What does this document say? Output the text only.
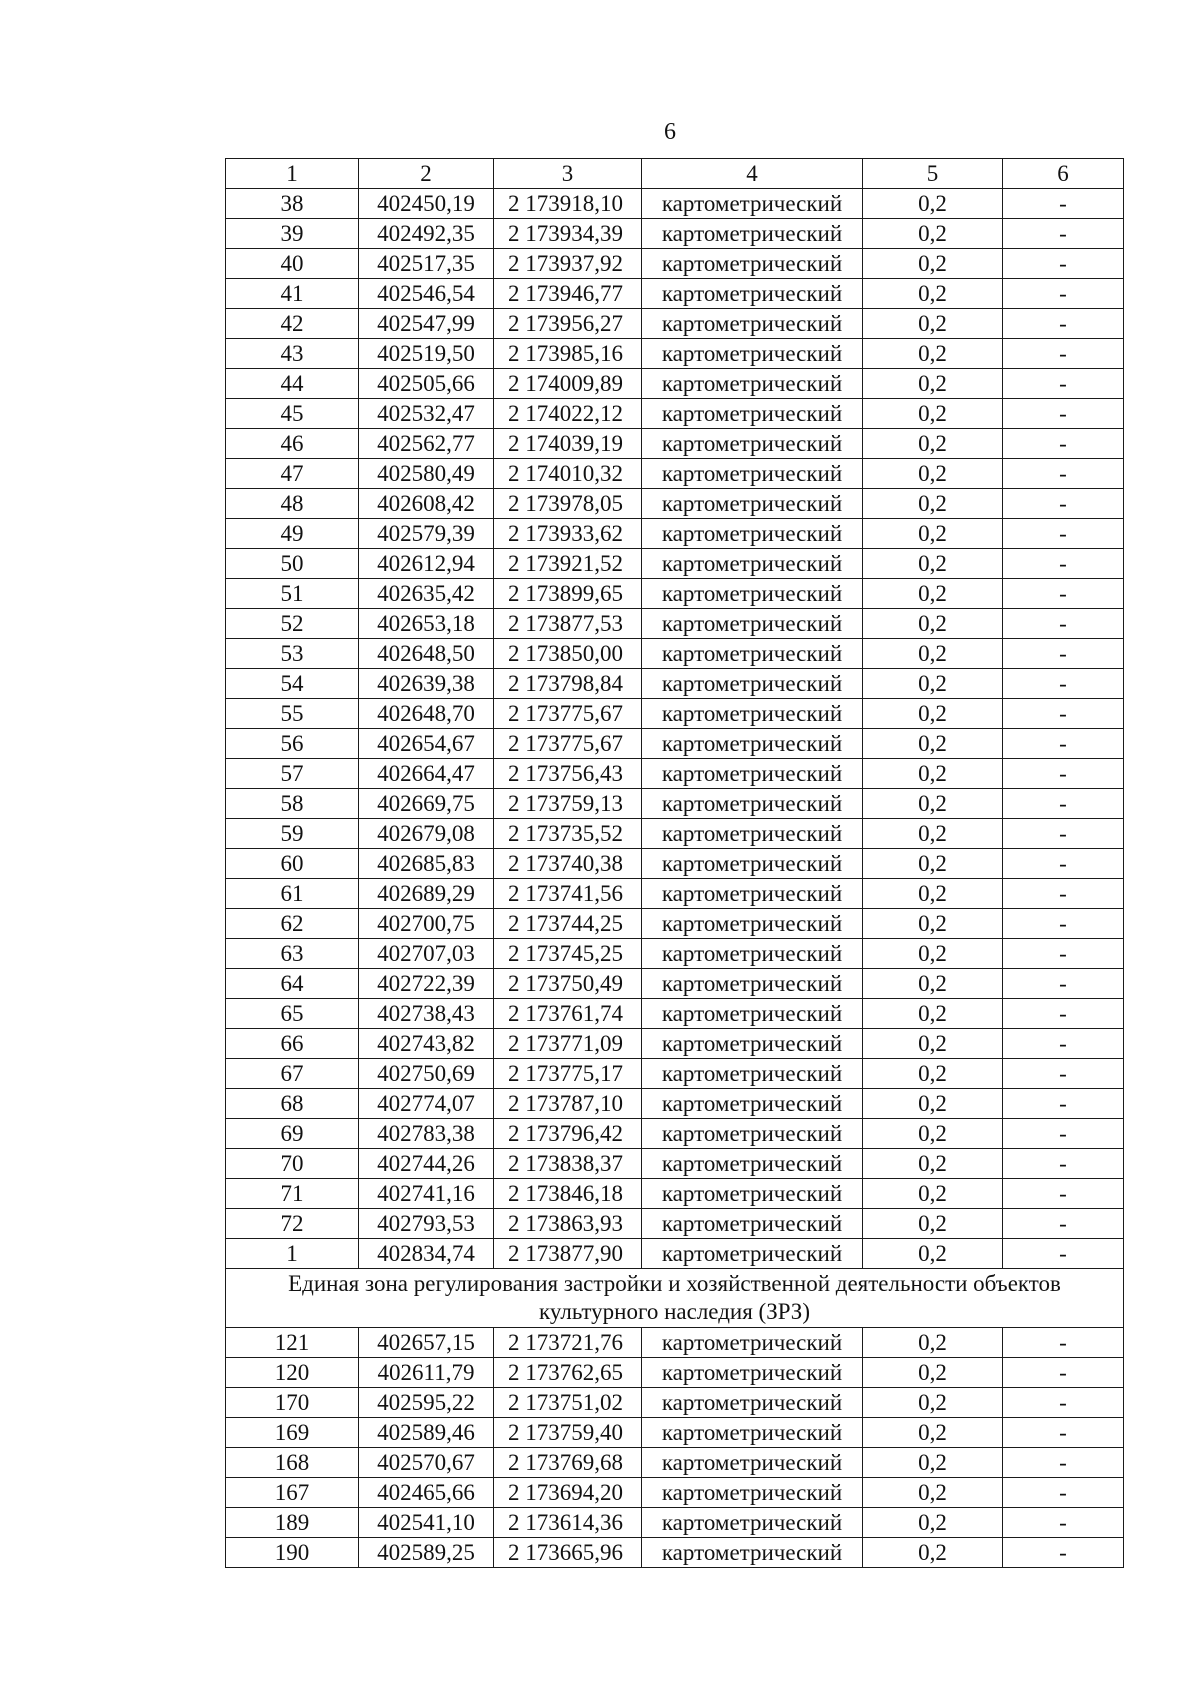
6
1	2	3	4	5	6
38	402450,19	2 173918,10	картометрический	0,2	-
39	402492,35	2 173934,39	картометрический	0,2	-
40	402517,35	2 173937,92	картометрический	0,2	-
41	402546,54	2 173946,77	картометрический	0,2	-
42	402547,99	2 173956,27	картометрический	0,2	-
43	402519,50	2 173985,16	картометрический	0,2	-
44	402505,66	2 174009,89	картометрический	0,2	-
45	402532,47	2 174022,12	картометрический	0,2	-
46	402562,77	2 174039,19	картометрический	0,2	-
47	402580,49	2 174010,32	картометрический	0,2	-
48	402608,42	2 173978,05	картометрический	0,2	-
49	402579,39	2 173933,62	картометрический	0,2	-
50	402612,94	2 173921,52	картометрический	0,2	-
51	402635,42	2 173899,65	картометрический	0,2	-
52	402653,18	2 173877,53	картометрический	0,2	-
53	402648,50	2 173850,00	картометрический	0,2	-
54	402639,38	2 173798,84	картометрический	0,2	-
55	402648,70	2 173775,67	картометрический	0,2	-
56	402654,67	2 173775,67	картометрический	0,2	-
57	402664,47	2 173756,43	картометрический	0,2	-
58	402669,75	2 173759,13	картометрический	0,2	-
59	402679,08	2 173735,52	картометрический	0,2	-
60	402685,83	2 173740,38	картометрический	0,2	-
61	402689,29	2 173741,56	картометрический	0,2	-
62	402700,75	2 173744,25	картометрический	0,2	-
63	402707,03	2 173745,25	картометрический	0,2	-
64	402722,39	2 173750,49	картометрический	0,2	-
65	402738,43	2 173761,74	картометрический	0,2	-
66	402743,82	2 173771,09	картометрический	0,2	-
67	402750,69	2 173775,17	картометрический	0,2	-
68	402774,07	2 173787,10	картометрический	0,2	-
69	402783,38	2 173796,42	картометрический	0,2	-
70	402744,26	2 173838,37	картометрический	0,2	-
71	402741,16	2 173846,18	картометрический	0,2	-
72	402793,53	2 173863,93	картометрический	0,2	-
1	402834,74	2 173877,90	картометрический	0,2	-
Единая зона регулирования застройки и хозяйственной деятельности объектов культурного наследия (ЗРЗ)					
121	402657,15	2 173721,76	картометрический	0,2	-
120	402611,79	2 173762,65	картометрический	0,2	-
170	402595,22	2 173751,02	картометрический	0,2	-
169	402589,46	2 173759,40	картометрический	0,2	-
168	402570,67	2 173769,68	картометрический	0,2	-
167	402465,66	2 173694,20	картометрический	0,2	-
189	402541,10	2 173614,36	картометрический	0,2	-
190	402589,25	2 173665,96	картометрический	0,2	-
